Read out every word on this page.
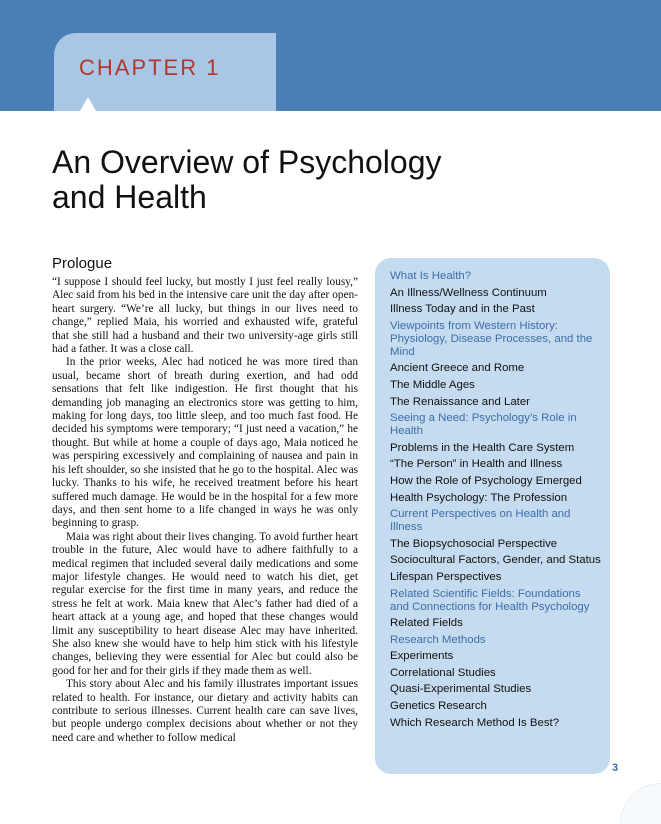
CHAPTER 1
An Overview of Psychology
and Health
Prologue

“I suppose I should feel lucky, but mostly I just feel really lousy,” Alec said from his bed in the intensive care unit the day after open-heart surgery. “We’re all lucky, but things in our lives need to change,” replied Maia, his worried and exhausted wife, grateful that she still had a husband and their two university-age girls still had a father. It was a close call.

In the prior weeks, Alec had noticed he was more tired than usual, became short of breath during exertion, and had odd sensations that felt like indigestion. He first thought that his demanding job managing an electronics store was getting to him, making for long days, too little sleep, and too much fast food. He decided his symptoms were temporary; “I just need a vacation,” he thought. But while at home a couple of days ago, Maia noticed he was perspiring excessively and complaining of nausea and pain in his left shoulder, so she insisted that he go to the hospital. Alec was lucky. Thanks to his wife, he received treatment before his heart suffered much damage. He would be in the hospital for a few more days, and then sent home to a life changed in ways he was only beginning to grasp.

Maia was right about their lives changing. To avoid further heart trouble in the future, Alec would have to adhere faithfully to a medical regimen that included several daily medications and some major lifestyle changes. He would need to watch his diet, get regular exercise for the first time in many years, and reduce the stress he felt at work. Maia knew that Alec’s father had died of a heart attack at a young age, and hoped that these changes would limit any susceptibility to heart disease Alec may have inherited. She also knew she would have to help him stick with his lifestyle changes, believing they were essential for Alec but could also be good for her and for their girls if they made them as well.

This story about Alec and his family illustrates important issues related to health. For instance, our dietary and activity habits can contribute to serious illnesses. Current health care can save lives, but people undergo complex decisions about whether or not they need care and whether to follow medical

What Is Health?
An Illness/Wellness Continuum
Illness Today and in the Past
Viewpoints from Western History: Physiology, Disease Processes, and the Mind
Ancient Greece and Rome
The Middle Ages
The Renaissance and Later
Seeing a Need: Psychology’s Role in Health
Problems in the Health Care System
“The Person” in Health and Illness
How the Role of Psychology Emerged
Health Psychology: The Profession
Current Perspectives on Health and Illness
The Biopsychosocial Perspective
Sociocultural Factors, Gender, and Status
Lifespan Perspectives
Related Scientific Fields: Foundations and Connections for Health Psychology
Related Fields
Research Methods
Experiments
Correlational Studies
Quasi-Experimental Studies
Genetics Research
Which Research Method Is Best?
3
